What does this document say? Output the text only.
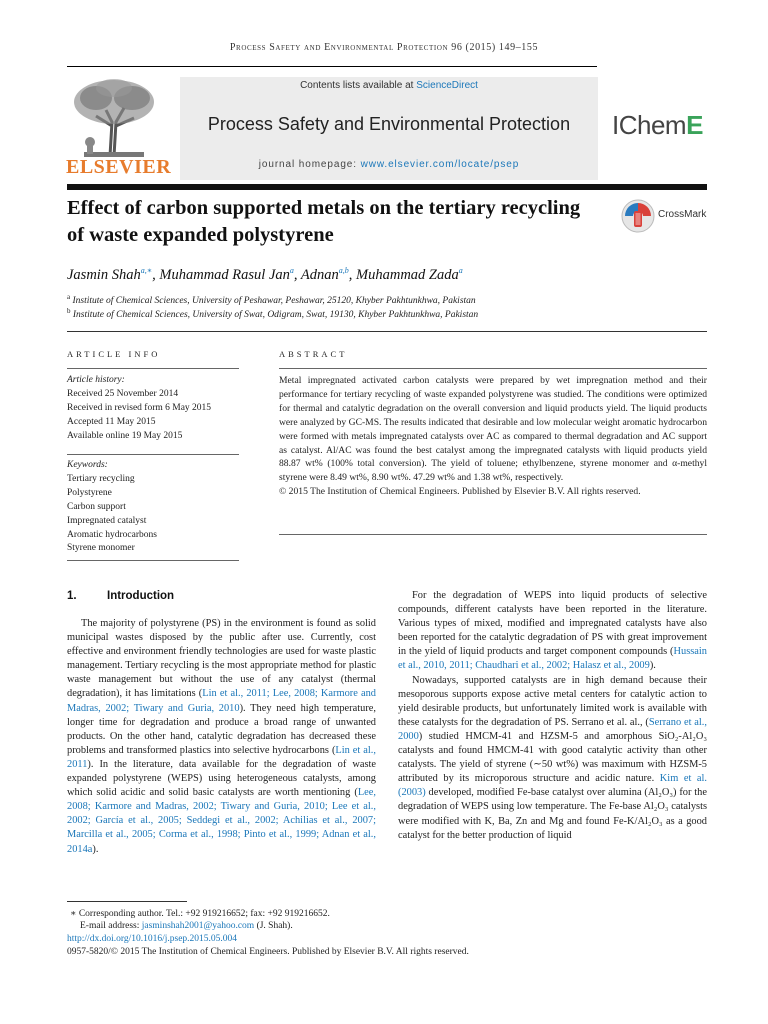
Process Safety and Environmental Protection 96 (2015) 149–155
Contents lists available at ScienceDirect
Process Safety and Environmental Protection
journal homepage: www.elsevier.com/locate/psep
ELSEVIER
IChemE
Effect of carbon supported metals on the tertiary recycling of waste expanded polystyrene
CrossMark
Jasmin Shah$^{a,∗}$, Muhammad Rasul Jan$^a$, Adnan$^{a,b}$, Muhammad Zada$^a$
$^a$ Institute of Chemical Sciences, University of Peshawar, Peshawar, 25120, Khyber Pakhtunkhwa, Pakistan
$^b$ Institute of Chemical Sciences, University of Swat, Odigram, Swat, 19130, Khyber Pakhtunkhwa, Pakistan
ARTICLE INFO
Article history:
Received 25 November 2014
Received in revised form 6 May 2015
Accepted 11 May 2015
Available online 19 May 2015
Keywords:
Tertiary recycling
Polystyrene
Carbon support
Impregnated catalyst
Aromatic hydrocarbons
Styrene monomer
ABSTRACT

Metal impregnated activated carbon catalysts were prepared by wet impregnation method and their performance for tertiary recycling of waste expanded polystyrene was studied. The conditions were optimized for thermal and catalytic degradation on the overall conversion and liquid products yield. The liquid products were analyzed by GC-MS. The results indicated that desirable and low molecular weight aromatic hydrocarbon were formed with metals impregnated catalysts over AC as compared to thermal degradation and AC support as catalyst. Al/AC was found the best catalyst among the impregnated catalysts with liquid products yield 88.87 wt% (100% total conversion). The yield of toluene; ethylbenzene, styrene monomer and α-methyl styrene were 8.49 wt%, 8.90 wt%. 47.29 wt% and 1.38 wt%, respectively.

© 2015 The Institution of Chemical Engineers. Published by Elsevier B.V. All rights reserved.

1.	Introduction

The majority of polystyrene (PS) in the environment is found as solid municipal wastes disposed by the public after use. Currently, cost effective and environment friendly technologies are used for waste plastic management. Tertiary recycling is the most appropriate method for plastic waste management but without the use of any catalyst (thermal degradation), it has limitations (Lin et al., 2011; Lee, 2008; Karmore and Madras, 2002; Tiwary and Guria, 2010). They need high temperature, longer time for degradation and produce a broad range of unwanted products. On the other hand, catalytic degradation has decreased these problems and transformed plastics into selective hydrocarbons (Lin et al., 2011). In the literature, data available for the degradation of waste expanded polystyrene (WEPS) using heterogeneous catalysts, among which solid acidic and solid basic catalysts are worth mentioning (Lee, 2008; Karmore and Madras, 2002; Tiwary and Guria, 2010; Lee et al., 2002; García et al., 2005; Seddegi et al., 2002; Achilias et al., 2007; Marcilla et al., 2005; Corma et al., 1998; Pinto et al., 1999; Adnan et al., 2014a).

For the degradation of WEPS into liquid products of selective compounds, different catalysts have been reported in the literature. Various types of mixed, modified and impregnated catalysts have also been reported for the catalytic degradation of PS with great improvement in the yield of liquid products and target component compounds (Hussain et al., 2010, 2011; Chaudhari et al., 2002; Halasz et al., 2009).

Nowadays, supported catalysts are in high demand because their mesoporous supports expose active metal centers for catalytic action to yield desirable products, but unfortunately limited work is available with these catalysts for the degradation of PS. Serrano et al. al., (Serrano et al., 2000) studied HMCM-41 and HZSM-5 and amorphous SiO₂-Al₂O₃ catalysts and found HMCM-41 with good catalytic activity than other catalysts. The yield of styrene (∼50 wt%) was maximum with HZSM-5 attributed by its microporous structure and acidic nature. Kim et al. (2003) developed, modified Fe-base catalyst over alumina (Al₂O₃) for the degradation of WEPS using low temperature. The Fe-base Al₂O₃ catalysts were modified with K, Ba, Zn and Mg and found Fe-K/Al₂O₃ as a good catalyst for the better production of liquid

∗ Corresponding author. Tel.: +92 919216652; fax: +92 919216652.
E-mail address: jasminshah2001@yahoo.com (J. Shah).
http://dx.doi.org/10.1016/j.psep.2015.05.004
0957-5820/© 2015 The Institution of Chemical Engineers. Published by Elsevier B.V. All rights reserved.
